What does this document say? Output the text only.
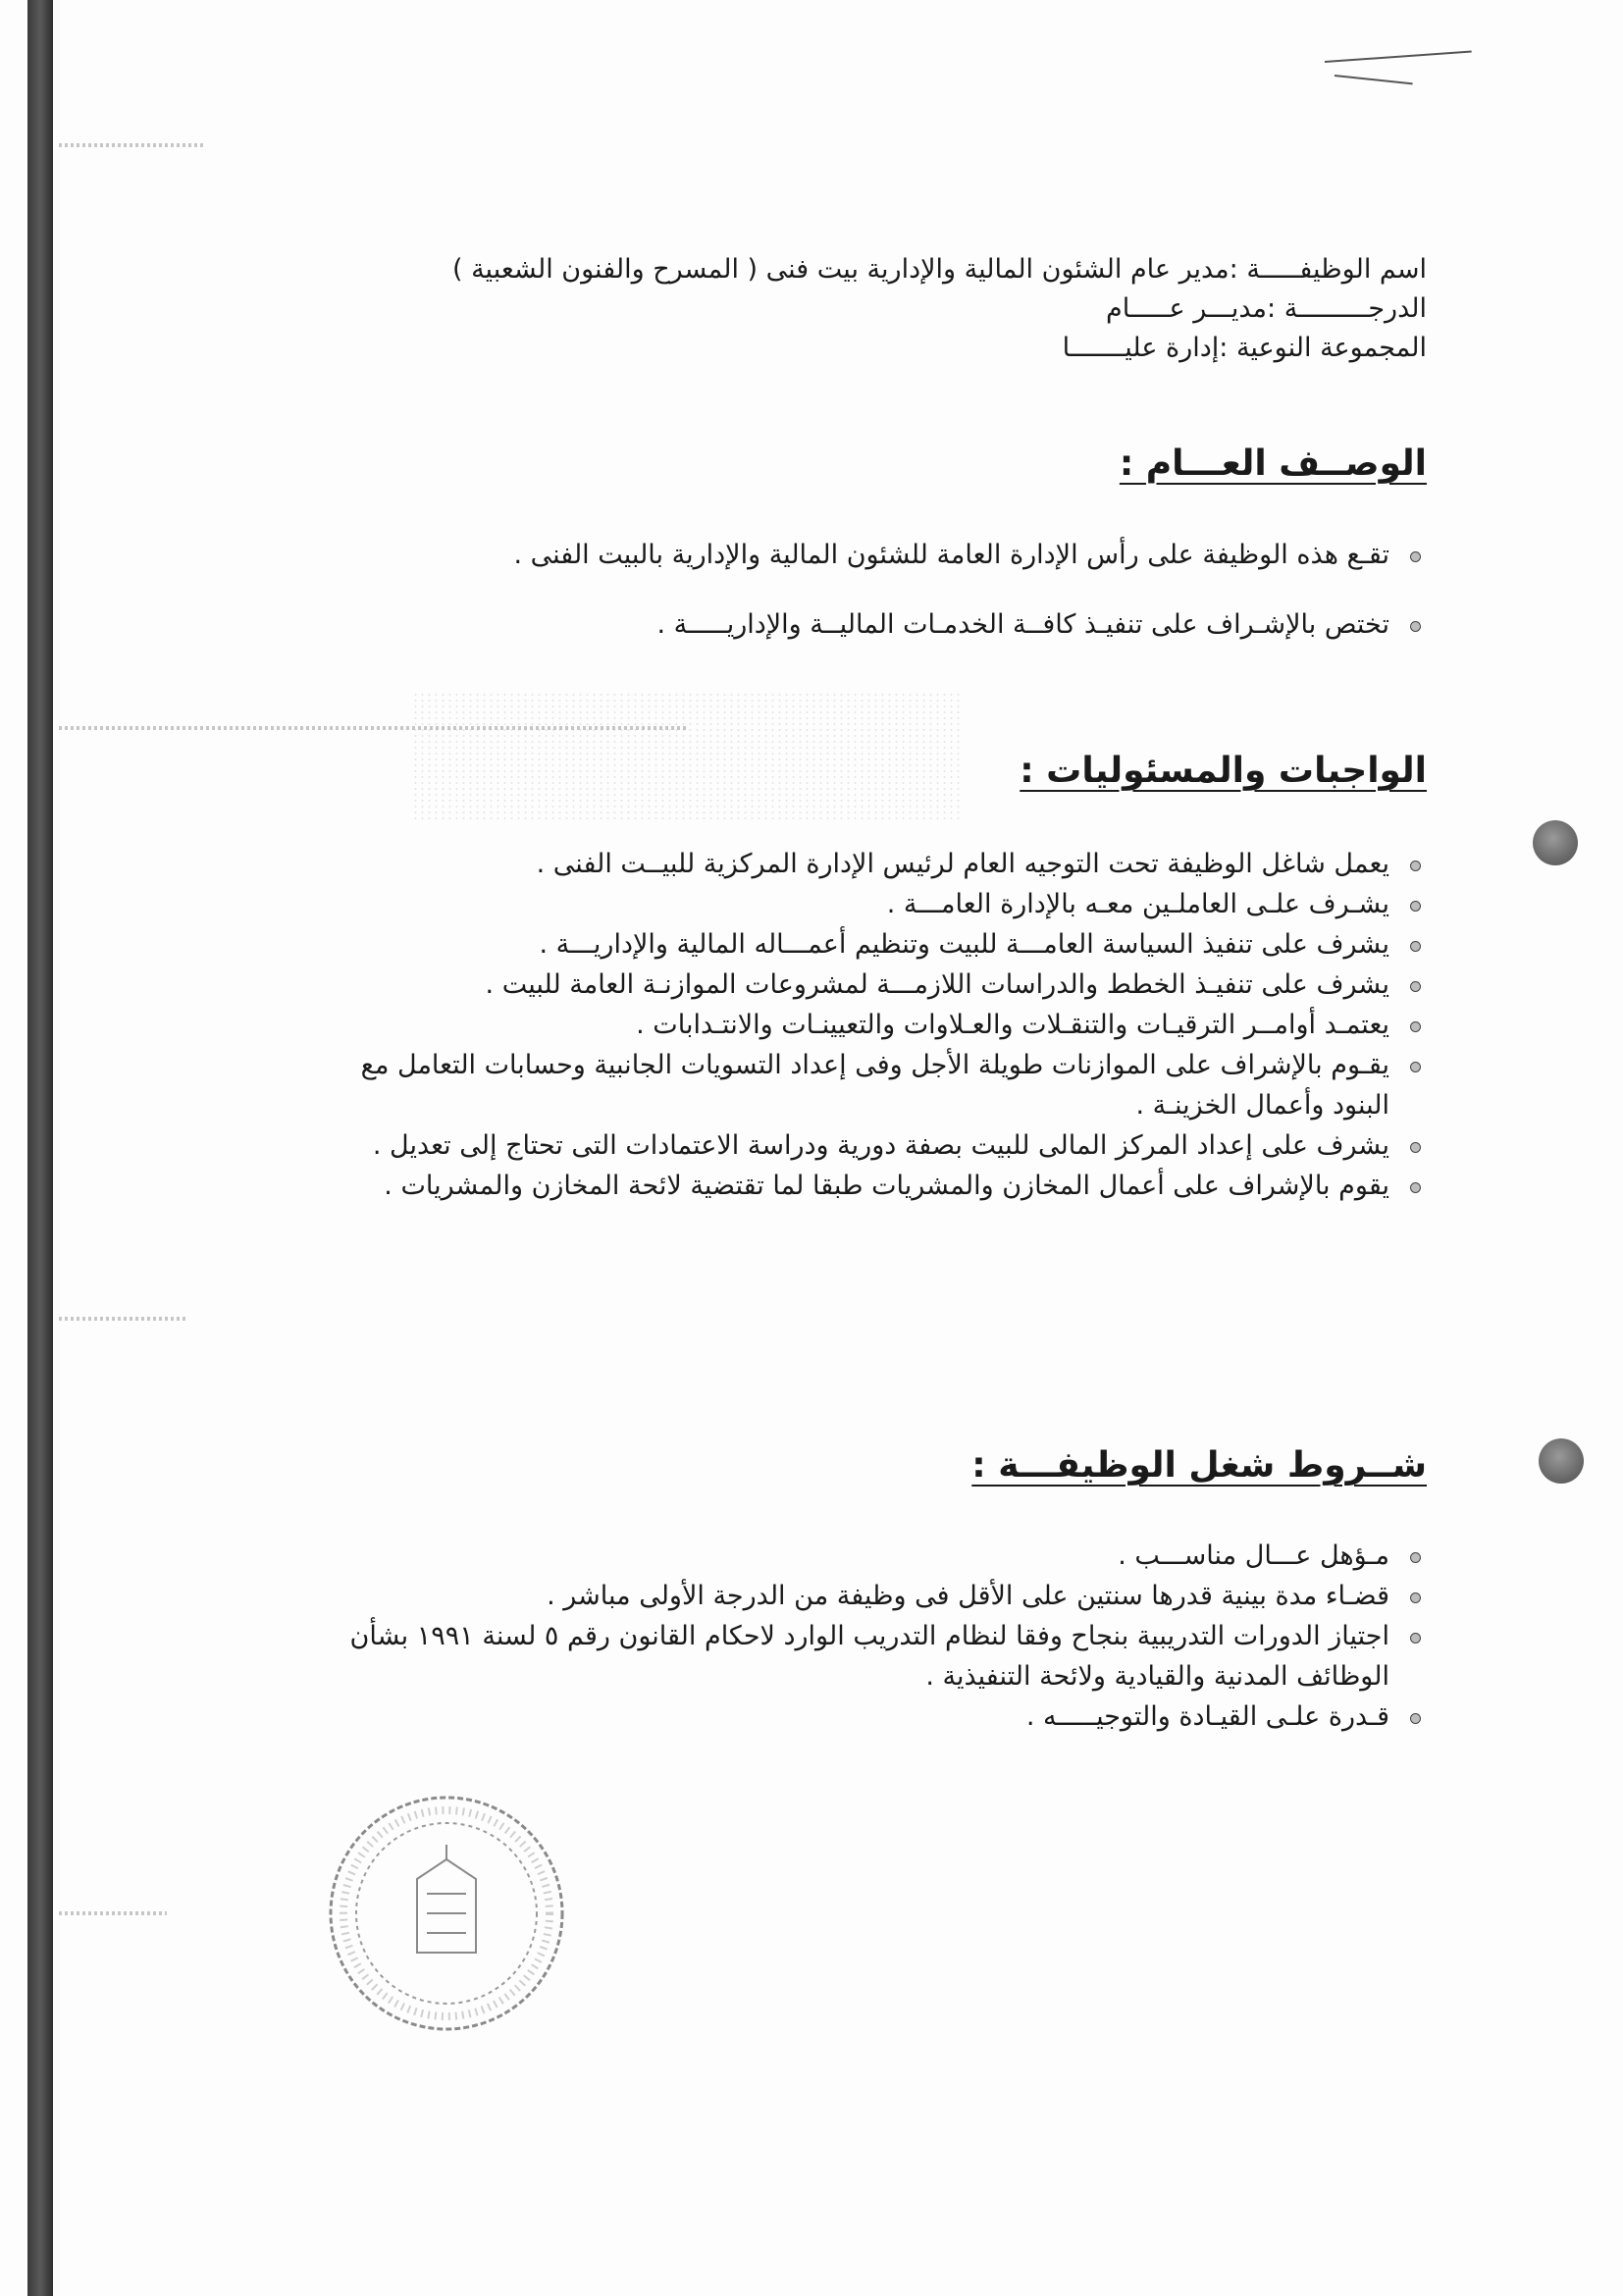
اسم الوظيفـــــة :مدير عام الشئون المالية والإدارية بيت فنى ( المسرح والفنون الشعبية )
الدرجـــــــــة :مديـــر عـــــام
المجموعة النوعية :إدارة عليـــــــا
الوصــف العـــام :
تقـع هذه الوظيفة على رأس الإدارة العامة للشئون المالية والإدارية بالبيت الفنى .
تختص بالإشـراف على تنفيـذ كافــة الخدمـات الماليــة والإداريـــــة .
الواجبات والمسئوليات :
يعمل شاغل الوظيفة تحت التوجيه العام لرئيس الإدارة المركزية للبيــت الفنى .
يشـرف علـى العاملـين معـه بالإدارة العامـــة .
يشرف على تنفيذ السياسة العامـــة للبيت وتنظيم أعمـــاله المالية والإداريـــة .
يشرف على تنفيـذ الخطط والدراسات اللازمـــة لمشروعات الموازنـة العامة للبيت .
يعتمـد أوامــر الترقيـات والتنقـلات والعـلاوات والتعيينـات والانتـدابات .
يقـوم بالإشراف على الموازنات طويلة الأجل وفى إعداد التسويات الجانبية وحسابات التعامل مع البنود وأعمال الخزينـة .
يشرف على إعداد المركز المالى للبيت بصفة دورية ودراسة الاعتمادات التى تحتاج إلى تعديل .
يقوم بالإشراف على أعمال المخازن والمشريات طبقا لما تقتضية لائحة المخازن والمشريات .
شــروط شغل الوظيفـــة :
مـؤهل عـــال مناســـب .
قضـاء مدة بينية قدرها سنتين على الأقل فى وظيفة من الدرجة الأولى مباشر .
اجتياز الدورات التدريبية بنجاح وفقا لنظام التدريب الوارد لاحكام القانون رقم ٥ لسنة ١٩٩١ بشأن الوظائف المدنية والقيادية ولائحة التنفيذية .
قـدرة علـى القيـادة والتوجيـــــه .
